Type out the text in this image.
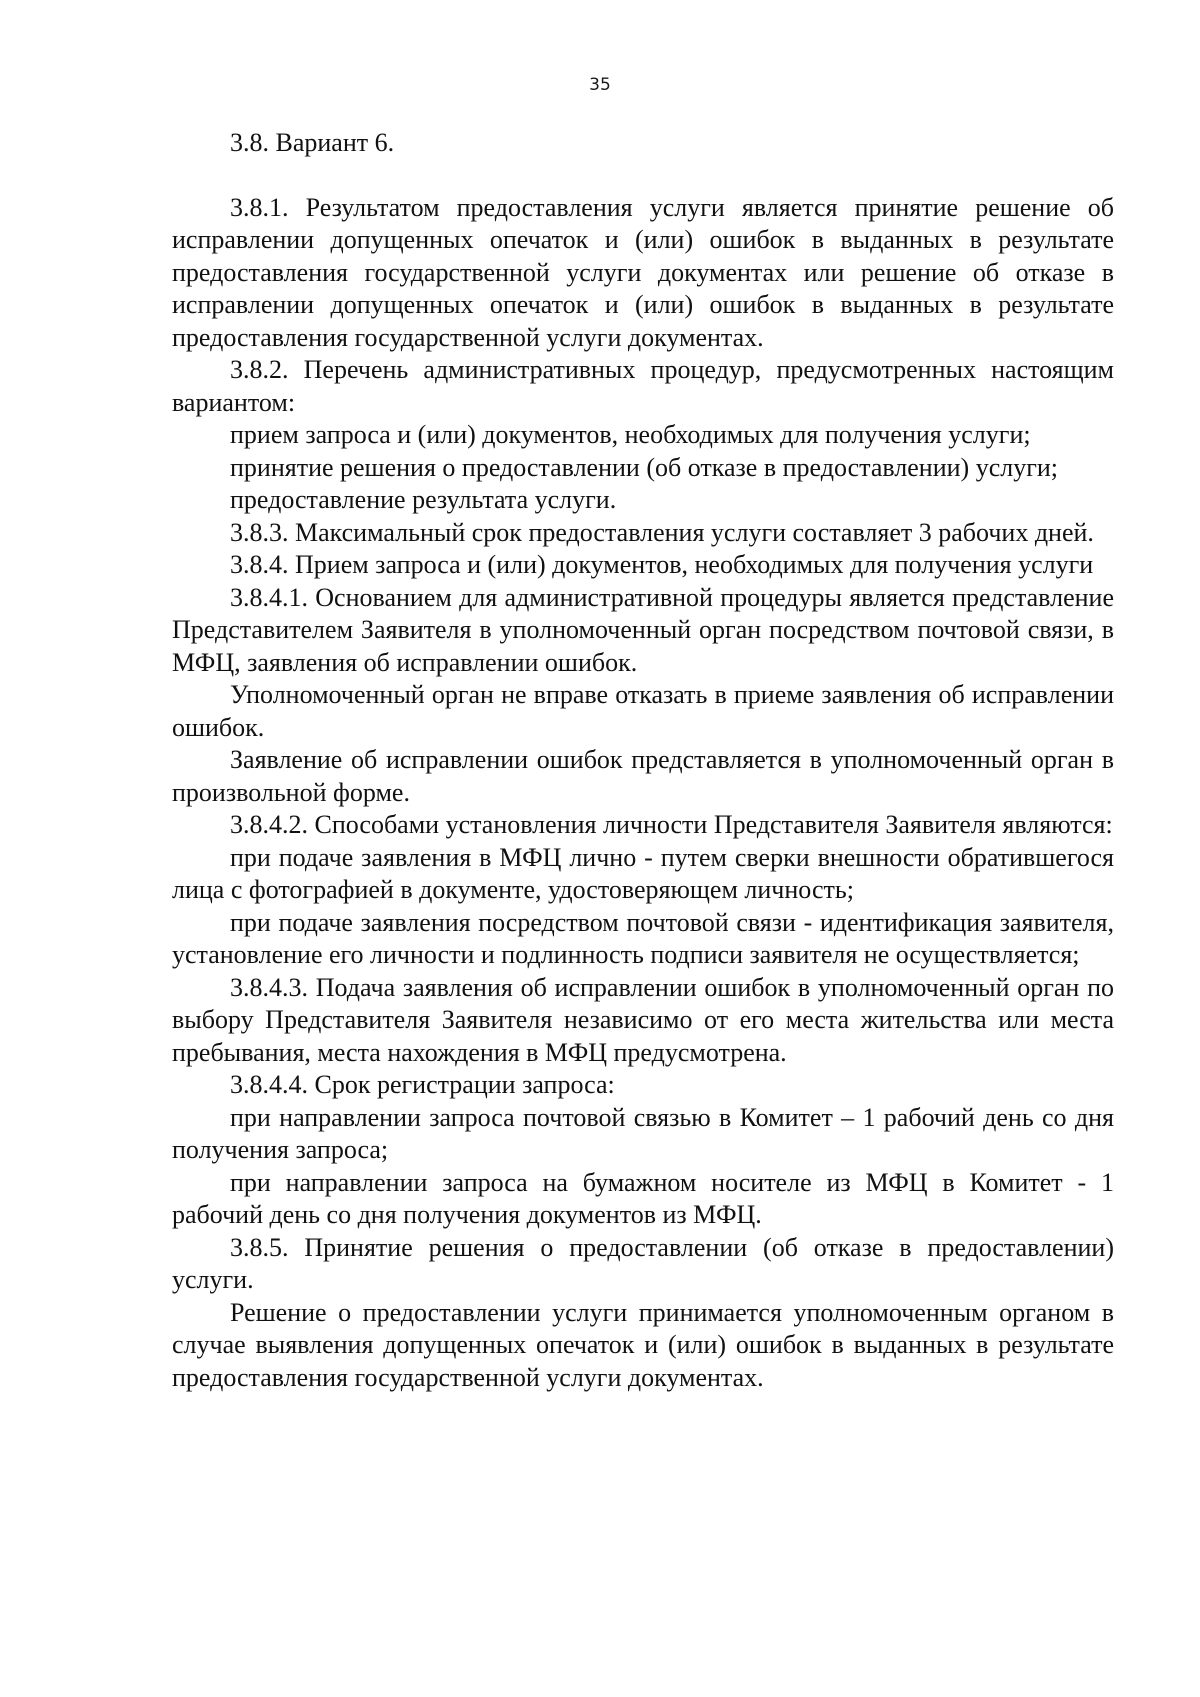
35

3.8. Вариант 6.

3.8.1. Результатом предоставления услуги является принятие решение об исправлении допущенных опечаток и (или) ошибок в выданных в результате предоставления государственной услуги документах или решение об отказе в исправлении допущенных опечаток и (или) ошибок в выданных в результате предоставления государственной услуги документах.

3.8.2. Перечень административных процедур, предусмотренных настоящим вариантом:

прием запроса и (или) документов, необходимых для получения услуги;

принятие решения о предоставлении (об отказе в предоставлении) услуги;

предоставление результата услуги.

3.8.3. Максимальный срок предоставления услуги составляет 3 рабочих дней.

3.8.4. Прием запроса и (или) документов, необходимых для получения услуги

3.8.4.1. Основанием для административной процедуры является представление Представителем Заявителя в уполномоченный орган посредством почтовой связи, в МФЦ, заявления об исправлении ошибок.

Уполномоченный орган не вправе отказать в приеме заявления об исправлении ошибок.

Заявление об исправлении ошибок представляется в уполномоченный орган в произвольной форме.

3.8.4.2. Способами установления личности Представителя Заявителя являются:

при подаче заявления в МФЦ лично - путем сверки внешности обратившегося лица с фотографией в документе, удостоверяющем личность;

при подаче заявления посредством почтовой связи - идентификация заявителя, установление его личности и подлинность подписи заявителя не осуществляется;

3.8.4.3. Подача заявления об исправлении ошибок в уполномоченный орган по выбору Представителя Заявителя независимо от его места жительства или места пребывания, места нахождения в МФЦ предусмотрена.

3.8.4.4. Срок регистрации запроса:

при направлении запроса почтовой связью в Комитет – 1 рабочий день со дня получения запроса;

при направлении запроса на бумажном носителе из МФЦ в Комитет - 1 рабочий день со дня получения документов из МФЦ.

3.8.5. Принятие решения о предоставлении (об отказе в предоставлении) услуги.

Решение о предоставлении услуги принимается уполномоченным органом в случае выявления допущенных опечаток и (или) ошибок в выданных в результате предоставления государственной услуги документах.
